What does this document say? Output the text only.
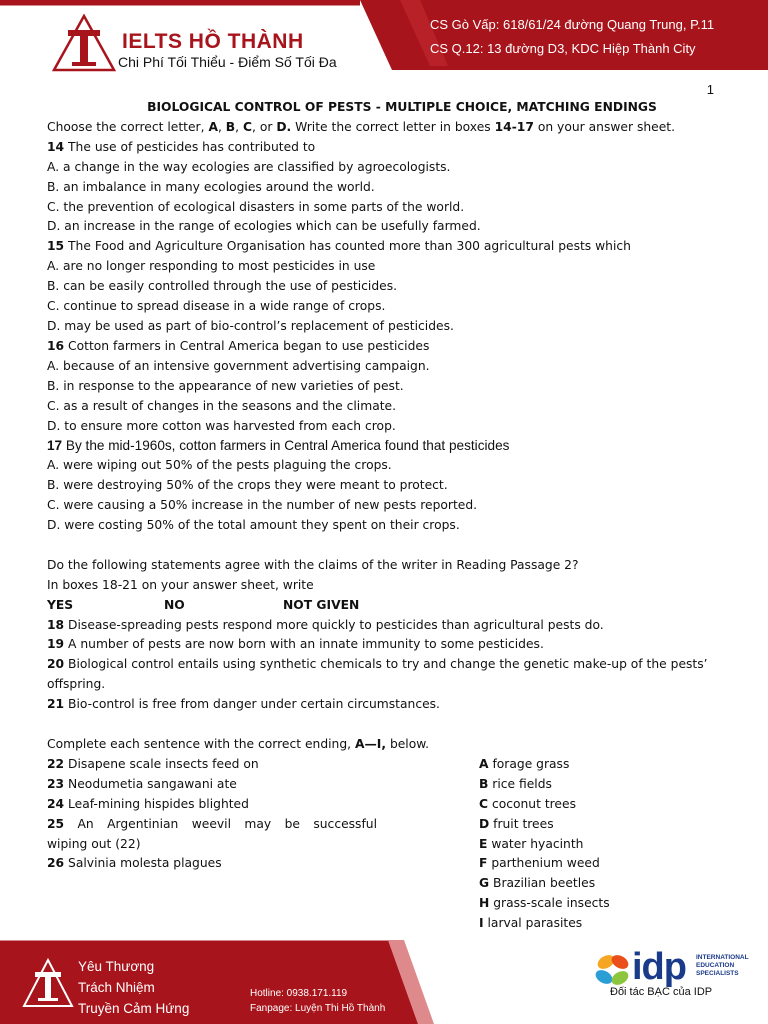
IELTS HỒ THÀNH
Chi Phí Tối Thiểu - Điểm Số Tối Đa
CS Gò Vấp: 618/61/24 đường Quang Trung, P.11
CS Q.12: 13 đường D3, KDC Hiệp Thành City
1
BIOLOGICAL CONTROL OF PESTS - MULTIPLE CHOICE, MATCHING ENDINGS
Choose the correct letter, A, B, C, or D. Write the correct letter in boxes 14-17 on your answer sheet.
14 The use of pesticides has contributed to
A. a change in the way ecologies are classified by agroecologists.
B. an imbalance in many ecologies around the world.
C. the prevention of ecological disasters in some parts of the world.
D. an increase in the range of ecologies which can be usefully farmed.
15 The Food and Agriculture Organisation has counted more than 300 agricultural pests which
A. are no longer responding to most pesticides in use
B. can be easily controlled through the use of pesticides.
C. continue to spread disease in a wide range of crops.
D. may be used as part of bio-control’s replacement of pesticides.
16 Cotton farmers in Central America began to use pesticides
A. because of an intensive government advertising campaign.
B. in response to the appearance of new varieties of pest.
C. as a result of changes in the seasons and the climate.
D. to ensure more cotton was harvested from each crop.
17 By the mid-1960s, cotton farmers in Central America found that pesticides
A. were wiping out 50% of the pests plaguing the crops.
B. were destroying 50% of the crops they were meant to protect.
C. were causing a 50% increase in the number of new pests reported.
D. were costing 50% of the total amount they spent on their crops.
Do the following statements agree with the claims of the writer in Reading Passage 2?
In boxes 18-21 on your answer sheet, write
YES	NO	NOT GIVEN
18 Disease-spreading pests respond more quickly to pesticides than agricultural pests do.
19 A number of pests are now born with an innate immunity to some pesticides.
20 Biological control entails using synthetic chemicals to try and change the genetic make-up of the pests’ offspring.
21 Bio-control is free from danger under certain circumstances.
Complete each sentence with the correct ending, A—I, below.
22 Disapene scale insects feed on
23 Neodumetia sangawani ate
24 Leaf-mining hispides blighted
25 An Argentinian weevil may be successful
wiping out (22)
26 Salvinia molesta plagues
A forage grass
B rice fields
C coconut trees
D fruit trees
E water hyacinth
F parthenium weed
G Brazilian beetles
H grass-scale insects
I larval parasites
Yêu Thương
Trách Nhiệm
Truyền Cảm Hứng
Hotline: 0938.171.119
Fanpage: Luyện Thi Hồ Thành
idp INTERNATIONAL
EDUCATION
SPECIALISTS
Đối tác BẠC của IDP
